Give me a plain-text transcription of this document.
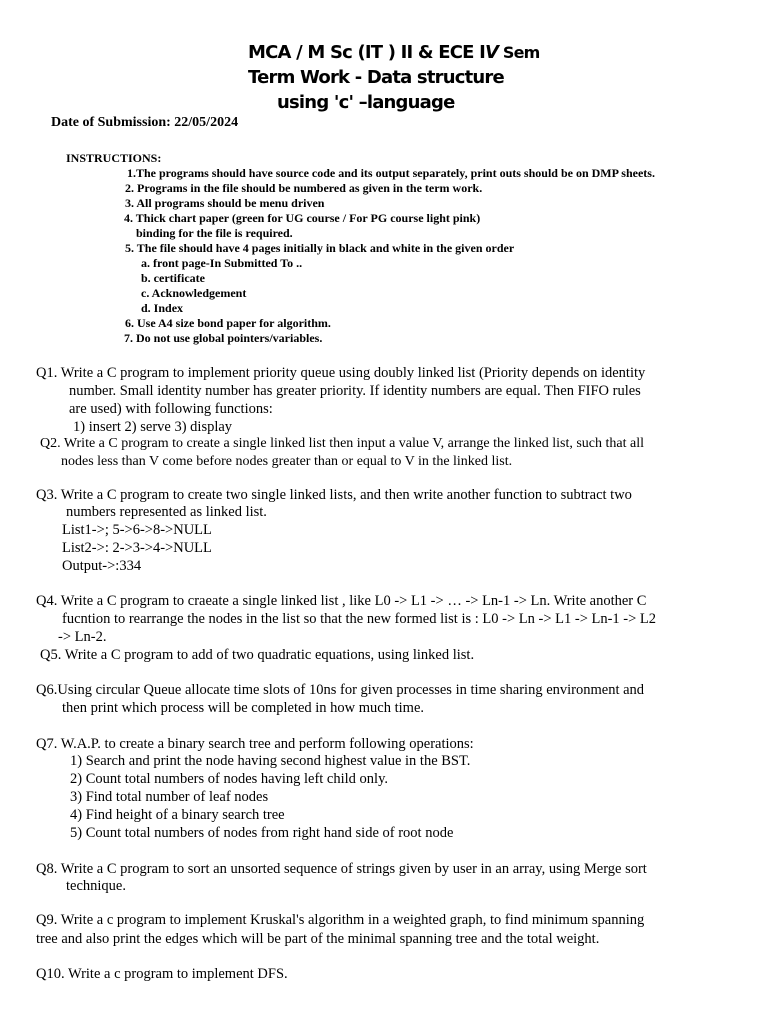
MCA / M Sc (IT ) II & ECE IV Sem
Term Work - Data structure
using 'c' –language
Date of Submission: 22/05/2024
INSTRUCTIONS:
1.The programs should have source code and its output separately, print outs should be on DMP sheets.
2. Programs in the file should be numbered as given in the term work.
3. All programs should be menu driven
4. Thick chart paper (green for UG course / For PG course light pink)
binding for the file is required.
5. The file should have 4 pages initially in black and white in the given order
a. front page-In Submitted To ..
b. certificate
c. Acknowledgement
d. Index
6. Use A4 size bond paper for algorithm.
7. Do not use global pointers/variables.
Q1. Write a C program to implement priority queue using doubly linked list (Priority depends on identity
number. Small identity number has greater priority. If identity numbers are equal. Then FIFO rules
are used) with following functions:
1) insert 2) serve 3) display
Q2. Write a C program to create a single linked list then input a value V, arrange the linked list, such that all
nodes less than V come before nodes greater than or equal to V in the linked list.
Q3. Write a C program to create two single linked lists, and then write another function to subtract two
numbers represented as linked list.
List1->; 5->6->8->NULL
List2->: 2->3->4->NULL
Output->:334
Q4. Write a C program to craeate a single linked list , like L0 -> L1 -> … -> Ln-1 -> Ln. Write another C
fucntion to rearrange the nodes in the list so that the new formed list is : L0 -> Ln -> L1 -> Ln-1 -> L2
-> Ln-2.
Q5. Write a C program to add of two quadratic equations, using linked list.
Q6.Using circular Queue allocate time slots of 10ns for given processes in time sharing environment and
then print which process will be completed in how much time.
Q7. W.A.P. to create a binary search tree and perform following operations:
1) Search and print the node having second highest value in the BST.
2) Count total numbers of nodes having left child only.
3) Find total number of leaf nodes
4) Find height of a binary search tree
5) Count total numbers of nodes from right hand side of root node
Q8. Write a C program to sort an unsorted sequence of strings given by user in an array, using Merge sort
technique.
Q9. Write a c program to implement Kruskal's algorithm in a weighted graph, to find minimum spanning
tree and also print the edges which will be part of the minimal spanning tree and the total weight.
Q10. Write a c program to implement DFS.
